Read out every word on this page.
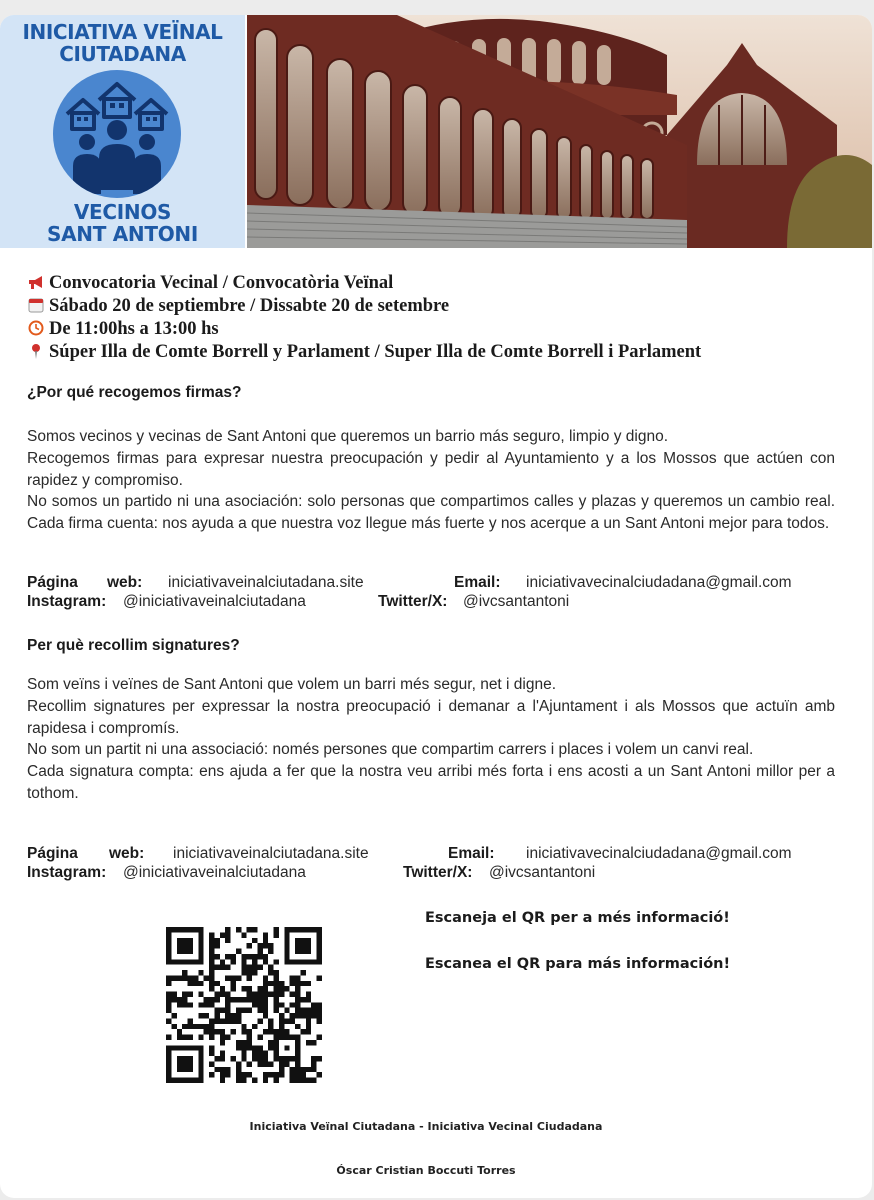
INICIATIVA VEÏNAL
CIUTADANA
VECINOS
SANT ANTONI
Convocatoria Vecinal / Convocatòria Veïnal
Sábado 20 de septiembre / Dissabte 20 de setembre
De 11:00hs a 13:00 hs
Súper Illa de Comte Borrell y Parlament / Super Illa de Comte Borrell i Parlament
¿Por qué recogemos firmas?

Somos vecinos y vecinas de Sant Antoni que queremos un barrio más seguro, limpio y digno.

Recogemos firmas para expresar nuestra preocupación y pedir al Ayuntamiento y a los Mossos que actúen con rapidez y compromiso.

No somos un partido ni una asociación: solo personas que compartimos calles y plazas y queremos un cambio real. Cada firma cuenta: nos ayuda a que nuestra voz llegue más fuerte y nos acerque a un Sant Antoni mejor para todos.

Página web: iniciativaveinalciutadana.site	Email: iniciativavecinalciudadana@gmail.com
Instagram: @iniciativaveinalciutadana	Twitter/X: @ivcsantantoni
Per què recollim signatures?

Som veïns i veïnes de Sant Antoni que volem un barri més segur, net i digne.

Recollim signatures per expressar la nostra preocupació i demanar a l'Ajuntament i als Mossos que actuïn amb rapidesa i compromís.

No som un partit ni una associació: només persones que compartim carrers i places i volem un canvi real.

Cada signatura compta: ens ajuda a fer que la nostra veu arribi més forta i ens acosti a un Sant Antoni millor per a tothom.

Página web: iniciativaveinalciutadana.site	Email: iniciativavecinalciudadana@gmail.com
Instagram: @iniciativaveinalciutadana	Twitter/X: @ivcsantantoni
Escaneja el QR per a més informació!
Escanea el QR para más información!
Iniciativa Veïnal Ciutadana - Iniciativa Vecinal Ciudadana
Óscar Cristian Boccuti Torres
